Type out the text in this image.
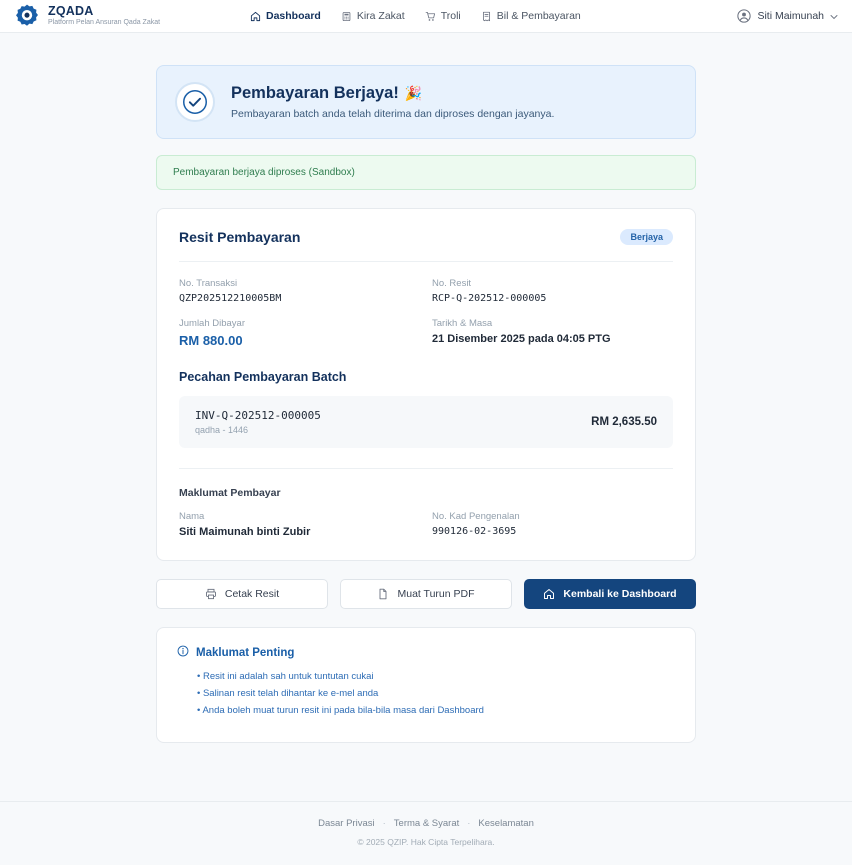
ZQADA
Platform Pelan Ansuran Qada Zakat	Dashboard	Kira Zakat	Troli	Bil & Pembayaran	Siti Maimunah
Pembayaran Berjaya! 🎉
Pembayaran batch anda telah diterima dan diproses dengan jayanya.
Pembayaran berjaya diproses (Sandbox)
Resit Pembayaran	Berjaya
No. Transaksi
QZP202512210005BM
No. Resit
RCP-Q-202512-000005
Jumlah Dibayar
RM 880.00
Tarikh & Masa
21 Disember 2025 pada 04:05 PTG
Pecahan Pembayaran Batch
INV-Q-202512-000005
qadha - 1446
RM 2,635.50
Maklumat Pembayar
Nama
Siti Maimunah binti Zubir
No. Kad Pengenalan
990126-02-3695
Cetak Resit	Muat Turun PDF	Kembali ke Dashboard
Maklumat Penting
• Resit ini adalah sah untuk tuntutan cukai
• Salinan resit telah dihantar ke e-mel anda
• Anda boleh muat turun resit ini pada bila-bila masa dari Dashboard
Dasar Privasi · Terma & Syarat · Keselamatan
© 2025 QZIP. Hak Cipta Terpelihara.
